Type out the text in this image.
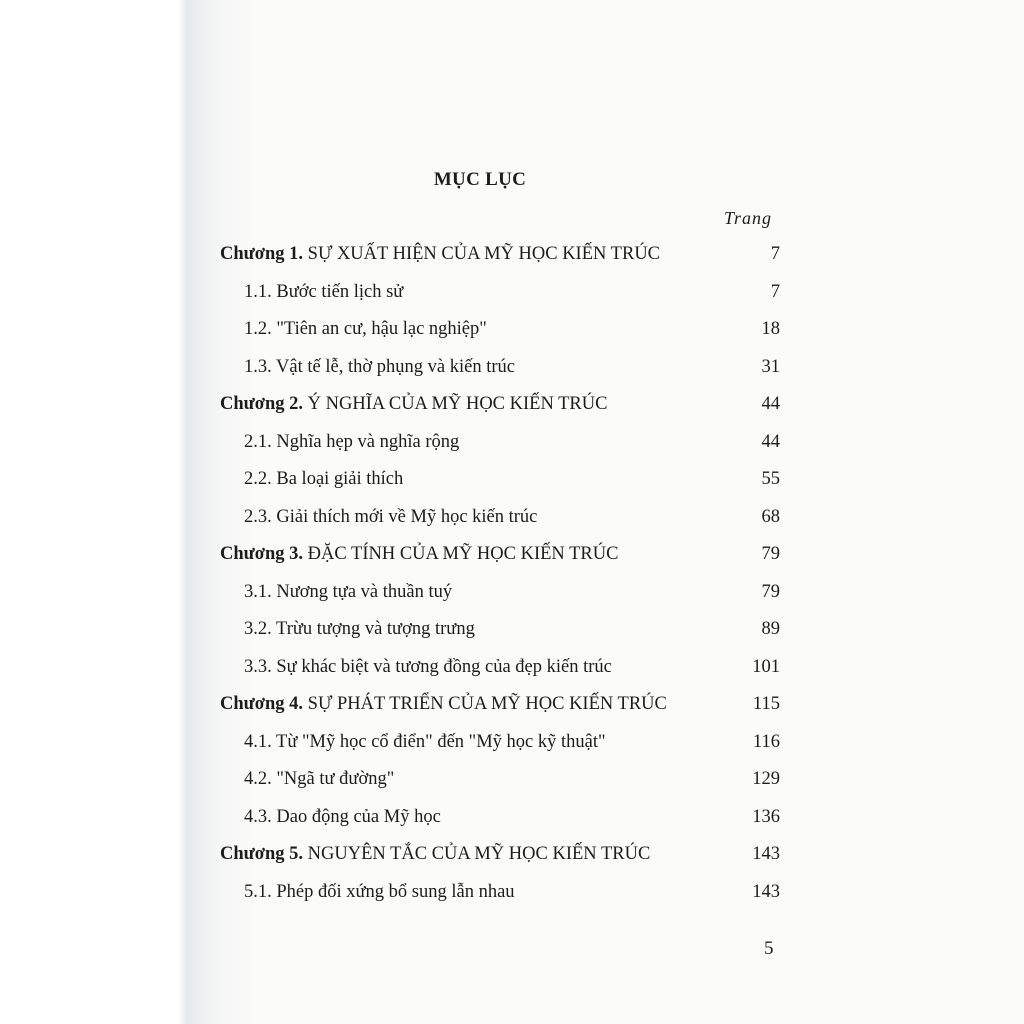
MỤC LỤC
Trang
Chương 1. SỰ XUẤT HIỆN CỦA MỸ HỌC KIẾN TRÚC	7
1.1. Bước tiến lịch sử	7
1.2. "Tiên an cư, hậu lạc nghiệp"	18
1.3. Vật tế lễ, thờ phụng và kiến trúc	31
Chương 2. Ý NGHĨA CỦA MỸ HỌC KIẾN TRÚC	44
2.1. Nghĩa hẹp và nghĩa rộng	44
2.2. Ba loại giải thích	55
2.3. Giải thích mới về Mỹ học kiến trúc	68
Chương 3. ĐẶC TÍNH CỦA MỸ HỌC KIẾN TRÚC	79
3.1. Nương tựa và thuần tuý	79
3.2. Trừu tượng và tượng trưng	89
3.3. Sự khác biệt và tương đồng của đẹp kiến trúc	101
Chương 4. SỰ PHÁT TRIỂN CỦA MỸ HỌC KIẾN TRÚC	115
4.1. Từ "Mỹ học cổ điển" đến "Mỹ học kỹ thuật"	116
4.2. "Ngã tư đường"	129
4.3. Dao động của Mỹ học	136
Chương 5. NGUYÊN TẮC CỦA MỸ HỌC KIẾN TRÚC	143
5.1. Phép đối xứng bổ sung lẫn nhau	143
5
